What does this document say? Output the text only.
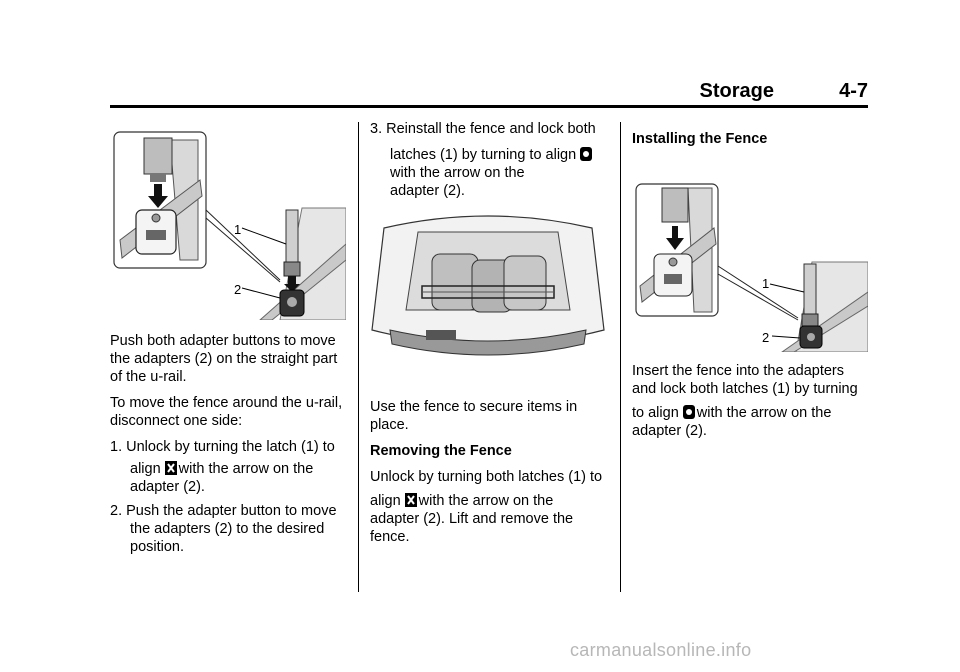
Storage	4-7
1
2

Push both adapter buttons to move the adapters (2) on the straight part of the u-rail.

To move the fence around the u-rail, disconnect one side:

1. Unlock by turning the latch (1) to
align with the arrow on the
adapter (2).

2. Push the adapter button to move the adapters (2) to the desired position.

3. Reinstall the fence and lock both
latches (1) by turning to align
with the arrow on the
adapter (2).

Use the fence to secure items in place.

Removing the Fence

Unlock by turning both latches (1) to
align with the arrow on the
adapter (2). Lift and remove the fence.

Installing the Fence

1
2

Insert the fence into the adapters and lock both latches (1) by turning
to align with the arrow on the
adapter (2).

carmanualsonline.info
